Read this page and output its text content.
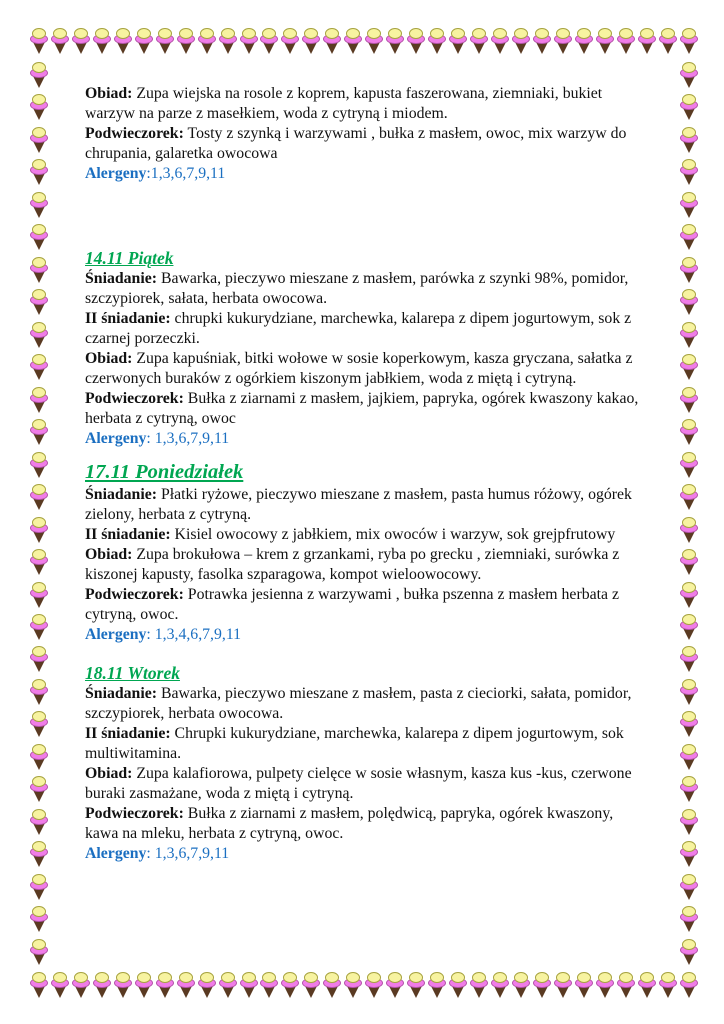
Obiad: Zupa wiejska na rosole z koprem, kapusta faszerowana, ziemniaki, bukiet warzyw na parze z masełkiem, woda z cytryną i miodem.

Podwieczorek: Tosty z szynką i warzywami , bułka z masłem, owoc, mix warzyw do chrupania, galaretka owocowa

Alergeny:1,3,6,7,9,11

14.11 Piątek

Śniadanie: Bawarka, pieczywo mieszane z masłem, parówka z szynki 98%, pomidor, szczypiorek, sałata, herbata owocowa.

II śniadanie: chrupki kukurydziane, marchewka, kalarepa z dipem jogurtowym, sok z czarnej porzeczki.

Obiad: Zupa kapuśniak, bitki wołowe w sosie koperkowym, kasza gryczana, sałatka z czerwonych buraków z ogórkiem kiszonym jabłkiem, woda z miętą i cytryną.

Podwieczorek: Bułka z ziarnami z masłem, jajkiem, papryka, ogórek kwaszony kakao, herbata z cytryną, owoc

Alergeny: 1,3,6,7,9,11

17.11 Poniedziałek

Śniadanie: Płatki ryżowe, pieczywo mieszane z masłem, pasta humus różowy, ogórek zielony, herbata z cytryną.

II śniadanie: Kisiel owocowy z jabłkiem, mix owoców i warzyw, sok grejpfrutowy

Obiad: Zupa brokułowa – krem z grzankami, ryba po grecku , ziemniaki, surówka z kiszonej kapusty, fasolka szparagowa, kompot wieloowocowy.

Podwieczorek: Potrawka jesienna z warzywami , bułka pszenna z masłem herbata z cytryną, owoc.

Alergeny: 1,3,4,6,7,9,11

18.11 Wtorek

Śniadanie: Bawarka, pieczywo mieszane z masłem, pasta z cieciorki, sałata, pomidor, szczypiorek, herbata owocowa.

II śniadanie: Chrupki kukurydziane, marchewka, kalarepa z dipem jogurtowym, sok multiwitamina.

Obiad: Zupa kalafiorowa, pulpety cielęce w sosie własnym, kasza kus -kus, czerwone buraki zasmażane, woda z miętą i cytryną.

Podwieczorek: Bułka z ziarnami z masłem, polędwicą, papryka, ogórek kwaszony, kawa na mleku, herbata z cytryną, owoc.

Alergeny: 1,3,6,7,9,11
